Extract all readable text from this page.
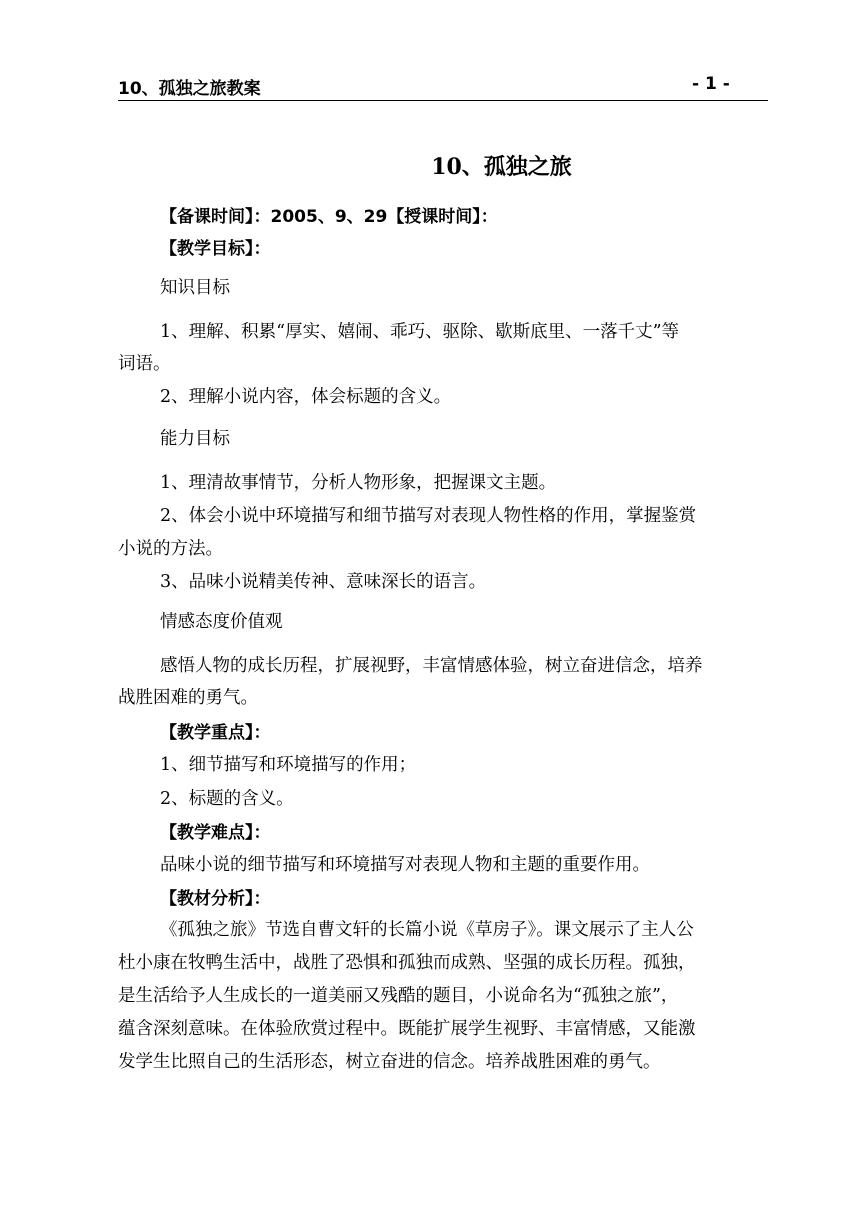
10、孤独之旅教案	- 1 -
10、孤独之旅
【备课时间】：2005、9、29【授课时间】：
【教学目标】：
知识目标
1、理解、积累“厚实、嬉闹、乖巧、驱除、歇斯底里、一落千丈”等
词语。
2、理解小说内容，体会标题的含义。
能力目标
1、理清故事情节，分析人物形象，把握课文主题。
2、体会小说中环境描写和细节描写对表现人物性格的作用，掌握鉴赏
小说的方法。
3、品味小说精美传神、意味深长的语言。
情感态度价值观
感悟人物的成长历程，扩展视野，丰富情感体验，树立奋进信念，培养
战胜困难的勇气。
【教学重点】：
1、细节描写和环境描写的作用；
2、标题的含义。
【教学难点】：
品味小说的细节描写和环境描写对表现人物和主题的重要作用。
【教材分析】：
《孤独之旅》节选自曹文轩的长篇小说《草房子》。课文展示了主人公
杜小康在牧鸭生活中，战胜了恐惧和孤独而成熟、坚强的成长历程。孤独，
是生活给予人生成长的一道美丽又残酷的题目，小说命名为“孤独之旅”，
蕴含深刻意味。在体验欣赏过程中。既能扩展学生视野、丰富情感，又能激
发学生比照自己的生活形态，树立奋进的信念。培养战胜困难的勇气。
